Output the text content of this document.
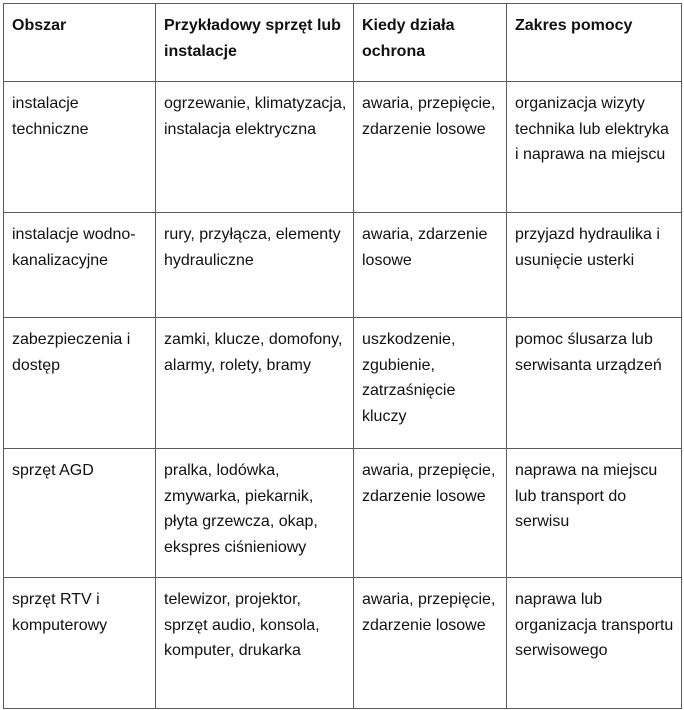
Obszar	Przykładowy sprzęt lub instalacje	Kiedy działa ochrona	Zakres pomocy
instalacje techniczne	ogrzewanie, klimatyzacja, instalacja elektryczna	awaria, przepięcie, zdarzenie losowe	organizacja wizyty technika lub elektryka i naprawa na miejscu
instalacje wodno-kanalizacyjne	rury, przyłącza, elementy hydrauliczne	awaria, zdarzenie losowe	przyjazd hydraulika i usunięcie usterki
zabezpieczenia i dostęp	zamki, klucze, domofony, alarmy, rolety, bramy	uszkodzenie, zgubienie, zatrzaśnięcie kluczy	pomoc ślusarza lub serwisanta urządzeń
sprzęt AGD	pralka, lodówka, zmywarka, piekarnik, płyta grzewcza, okap, ekspres ciśnieniowy	awaria, przepięcie, zdarzenie losowe	naprawa na miejscu lub transport do serwisu
sprzęt RTV i komputerowy	telewizor, projektor, sprzęt audio, konsola, komputer, drukarka	awaria, przepięcie, zdarzenie losowe	naprawa lub organizacja transportu serwisowego
